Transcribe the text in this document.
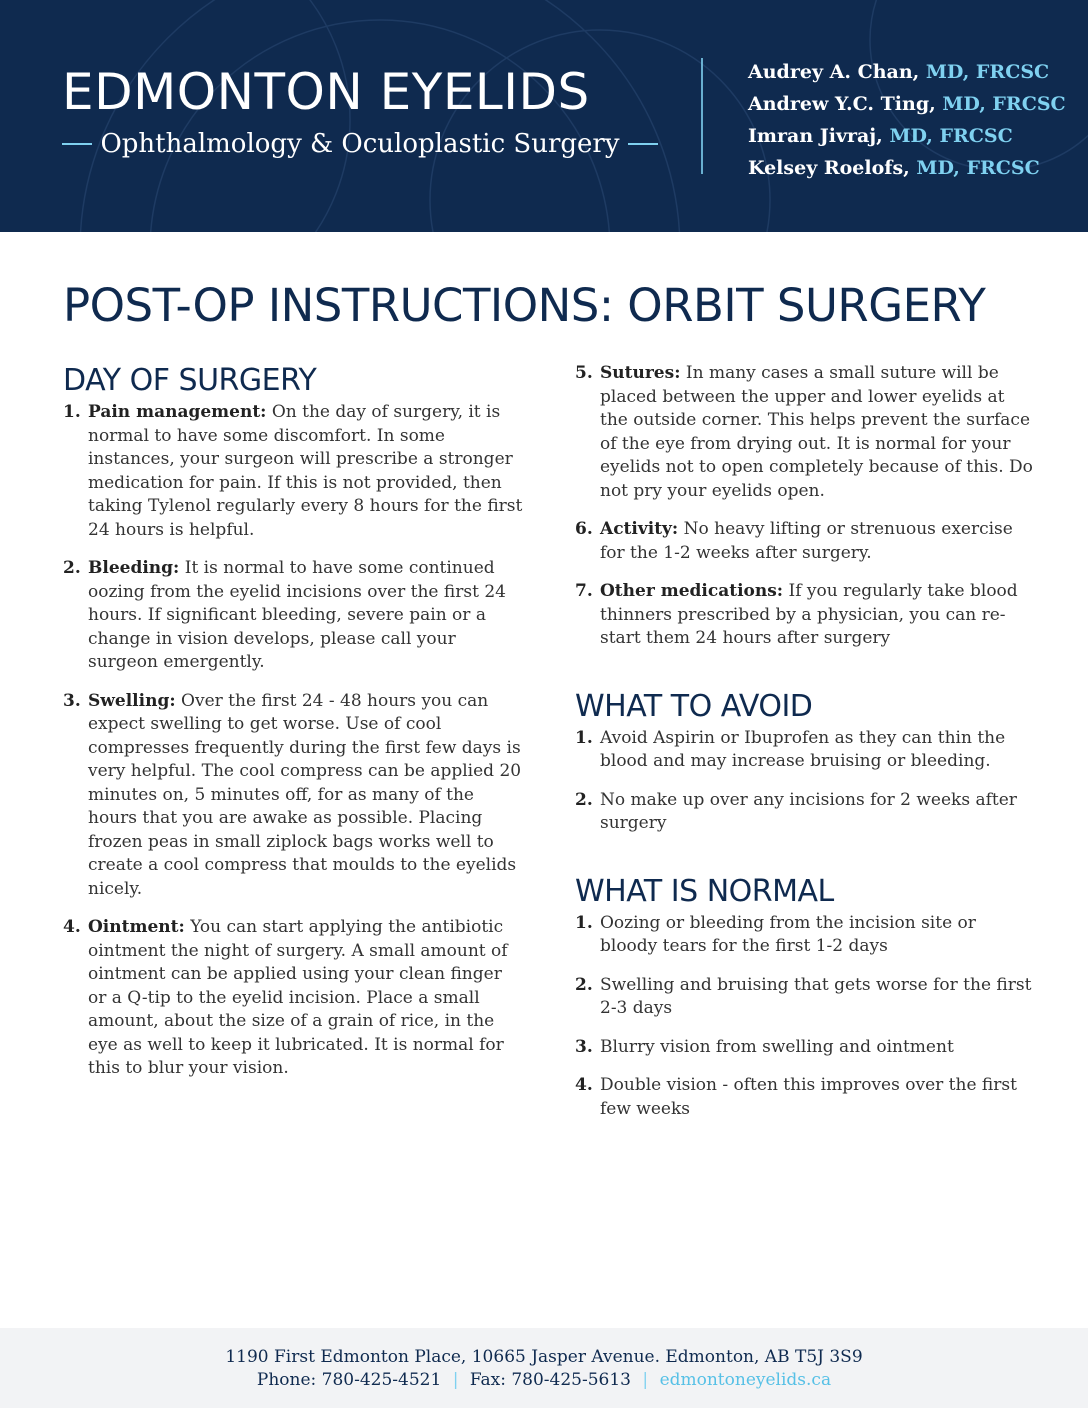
EDMONTON EYELIDS
Ophthalmology & Oculoplastic Surgery
Audrey A. Chan, MD, FRCSC
Andrew Y.C. Ting, MD, FRCSC
Imran Jivraj, MD, FRCSC
Kelsey Roelofs, MD, FRCSC
POST-OP INSTRUCTIONS: ORBIT SURGERY
DAY OF SURGERY
1. Pain management: On the day of surgery, it is normal to have some discomfort. In some instances, your surgeon will prescribe a stronger medication for pain. If this is not provided, then taking Tylenol regularly every 8 hours for the first 24 hours is helpful.
2. Bleeding: It is normal to have some continued oozing from the eyelid incisions over the first 24 hours. If significant bleeding, severe pain or a change in vision develops, please call your surgeon emergently.
3. Swelling: Over the first 24 - 48 hours you can expect swelling to get worse. Use of cool compresses frequently during the first few days is very helpful. The cool compress can be applied 20 minutes on, 5 minutes off, for as many of the hours that you are awake as possible. Placing frozen peas in small ziplock bags works well to create a cool compress that moulds to the eyelids nicely.
4. Ointment: You can start applying the antibiotic ointment the night of surgery. A small amount of ointment can be applied using your clean finger or a Q-tip to the eyelid incision. Place a small amount, about the size of a grain of rice, in the eye as well to keep it lubricated. It is normal for this to blur your vision.
5. Sutures: In many cases a small suture will be placed between the upper and lower eyelids at the outside corner. This helps prevent the surface of the eye from drying out. It is normal for your eyelids not to open completely because of this. Do not pry your eyelids open.
6. Activity: No heavy lifting or strenuous exercise for the 1-2 weeks after surgery.
7. Other medications: If you regularly take blood thinners prescribed by a physician, you can re-start them 24 hours after surgery
WHAT TO AVOID
1. Avoid Aspirin or Ibuprofen as they can thin the blood and may increase bruising or bleeding.
2. No make up over any incisions for 2 weeks after surgery
WHAT IS NORMAL
1. Oozing or bleeding from the incision site or bloody tears for the first 1-2 days
2. Swelling and bruising that gets worse for the first 2-3 days
3. Blurry vision from swelling and ointment
4. Double vision - often this improves over the first few weeks
1190 First Edmonton Place, 10665 Jasper Avenue. Edmonton, AB T5J 3S9
Phone: 780-425-4521 | Fax: 780-425-5613 | edmontoneyelids.ca
